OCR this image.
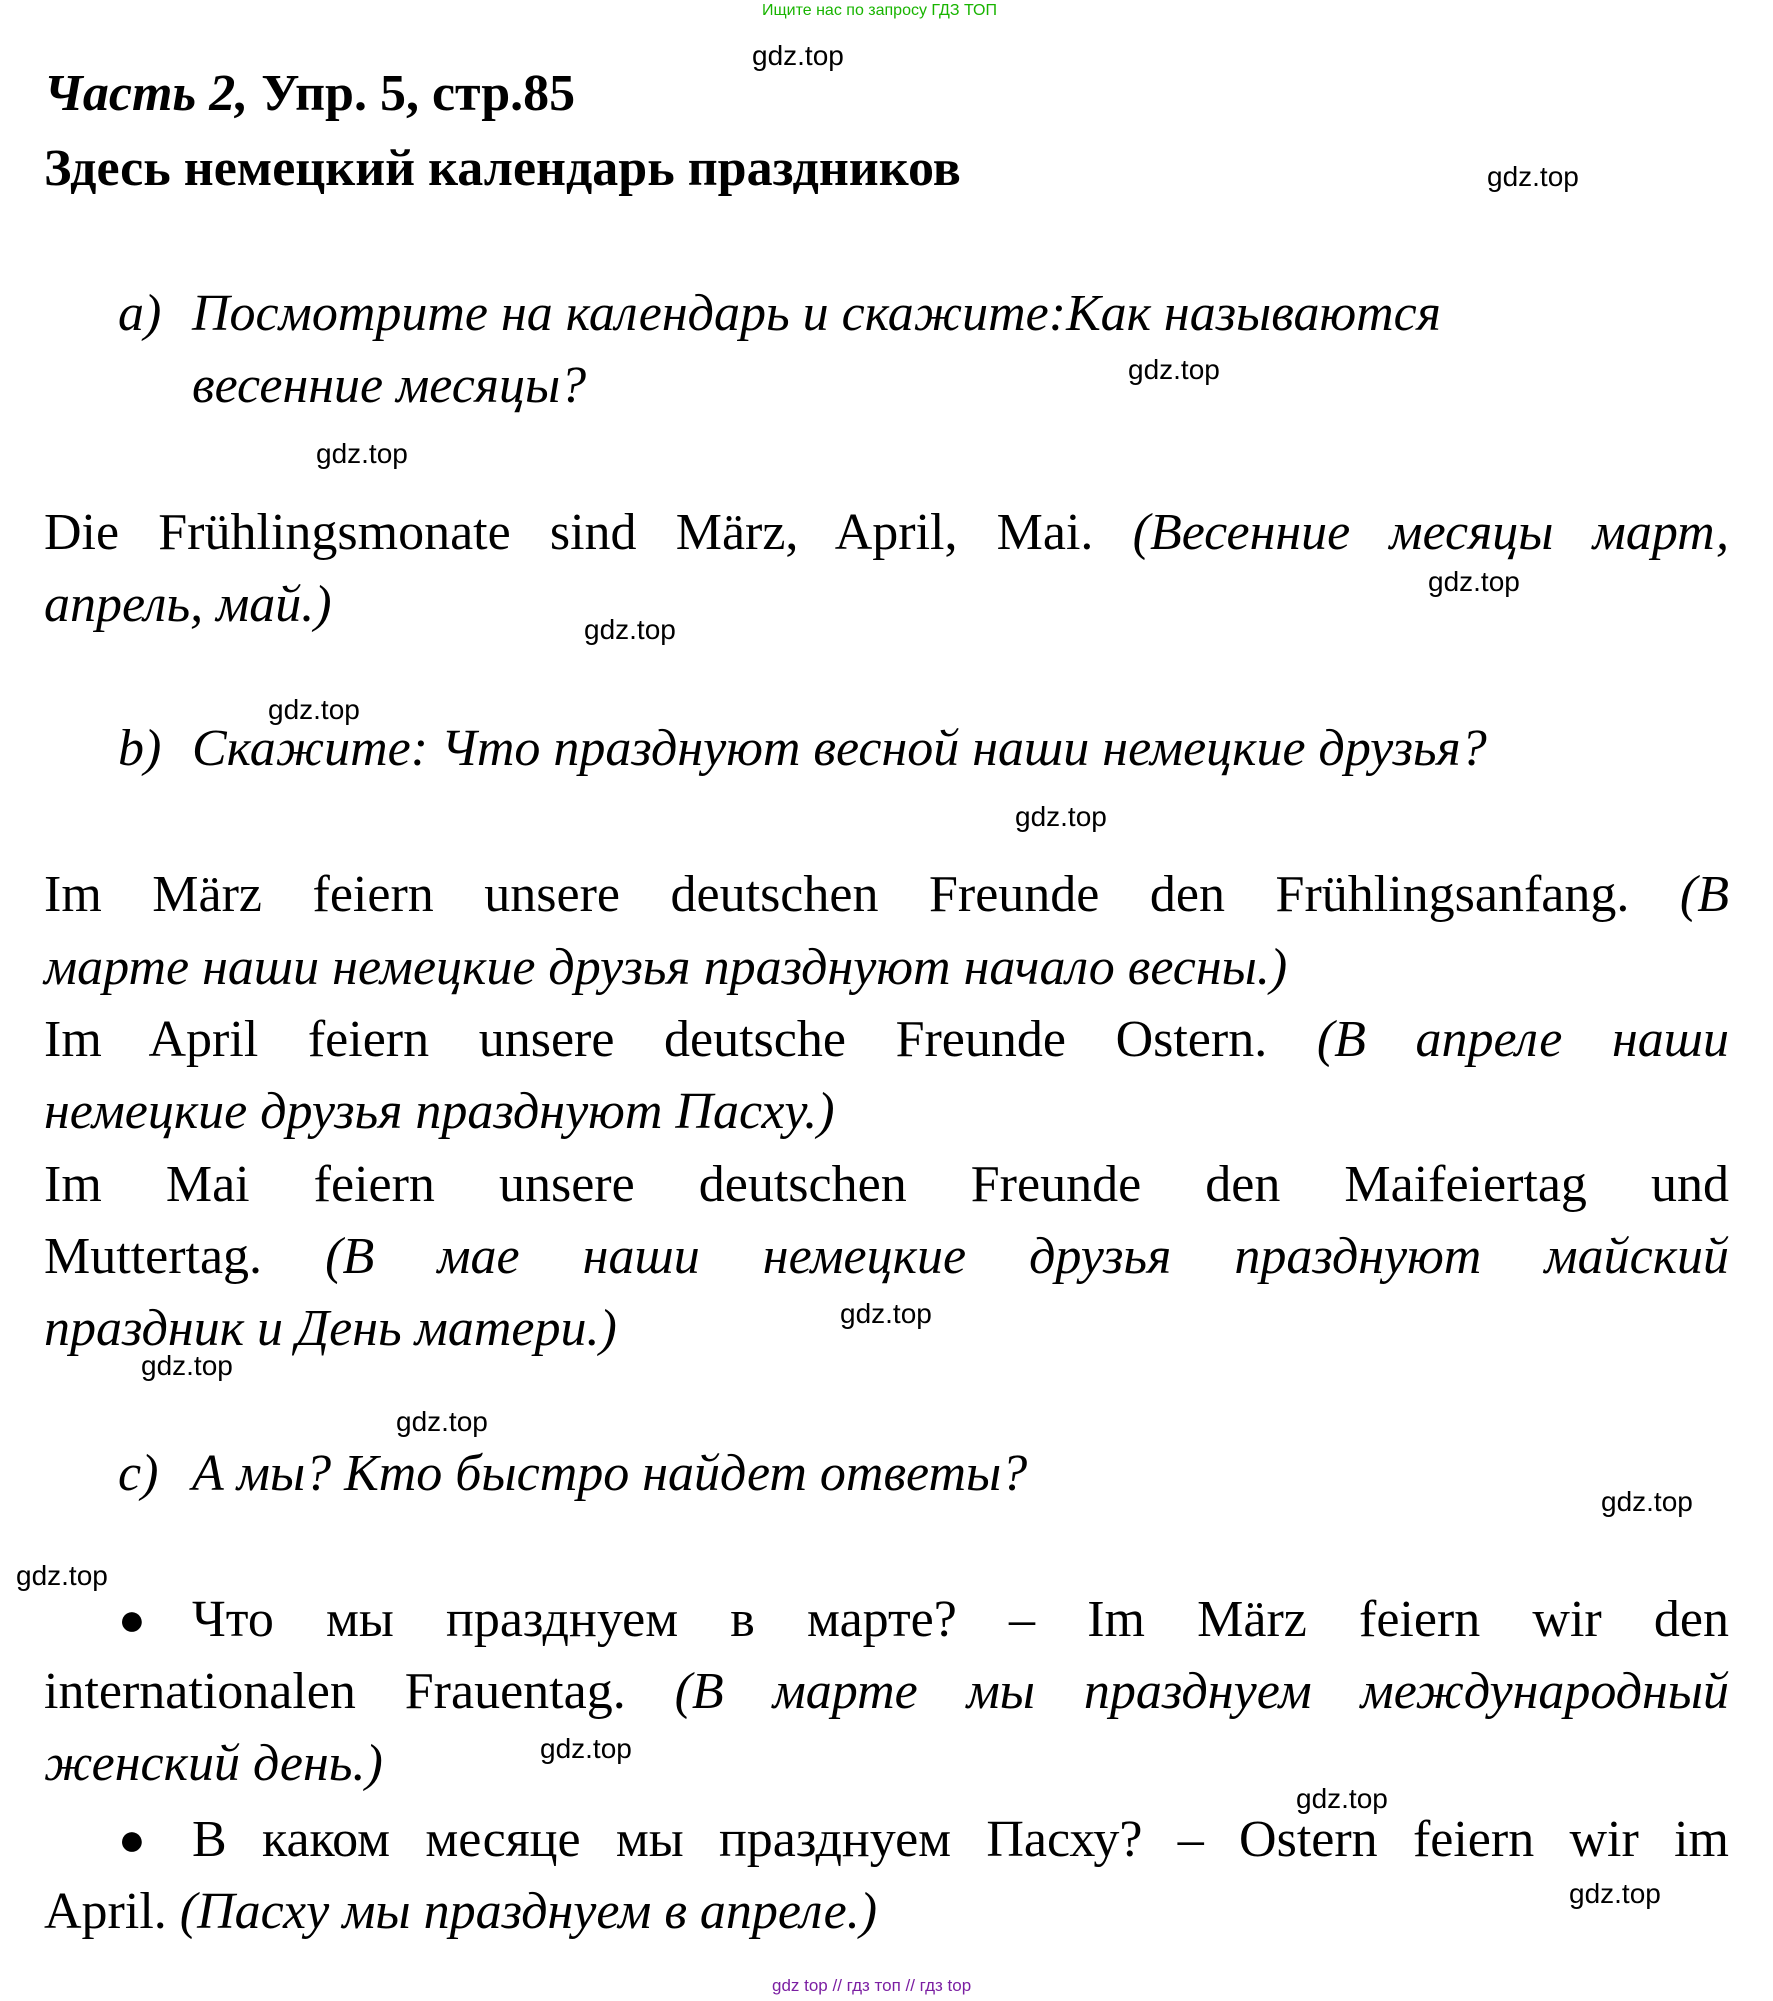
Ищите нас по запросу ГДЗ ТОП
Часть 2, Упр. 5, стр.85
Здесь немецкий календарь праздников
a) Посмотрите на календарь и скажите:Как называются
весенние месяцы?
Die Frühlingsmonate sind März, April, Mai. (Весенние месяцы март,
апрель, май.)
b) Скажите: Что празднуют весной наши немецкие друзья?
Im März feiern unsere deutschen Freunde den Frühlingsanfang. (В
марте наши немецкие друзья празднуют начало весны.)
Im April feiern unsere deutsche Freunde Ostern. (В апреле наши
немецкие друзья празднуют Пасху.)
Im Mai feiern unsere deutschen Freunde den Maifeiertag und
Muttertag. (В мае наши немецкие друзья празднуют майский
праздник и День матери.)
c) А мы? Кто быстро найдет ответы?
● Что мы празднуем в марте? – Im März feiern wir den
internationalen Frauentag. (В марте мы празднуем международный
женский день.)
● В каком месяце мы празднуем Пасху? – Ostern feiern wir im
April. (Пасху мы празднуем в апреле.)
gdz.top
gdz.top
gdz.top
gdz.top
gdz.top
gdz.top
gdz.top
gdz.top
gdz.top
gdz.top
gdz.top
gdz.top
gdz.top
gdz.top
gdz.top
gdz.top
gdz top // гдз топ // гдз top
